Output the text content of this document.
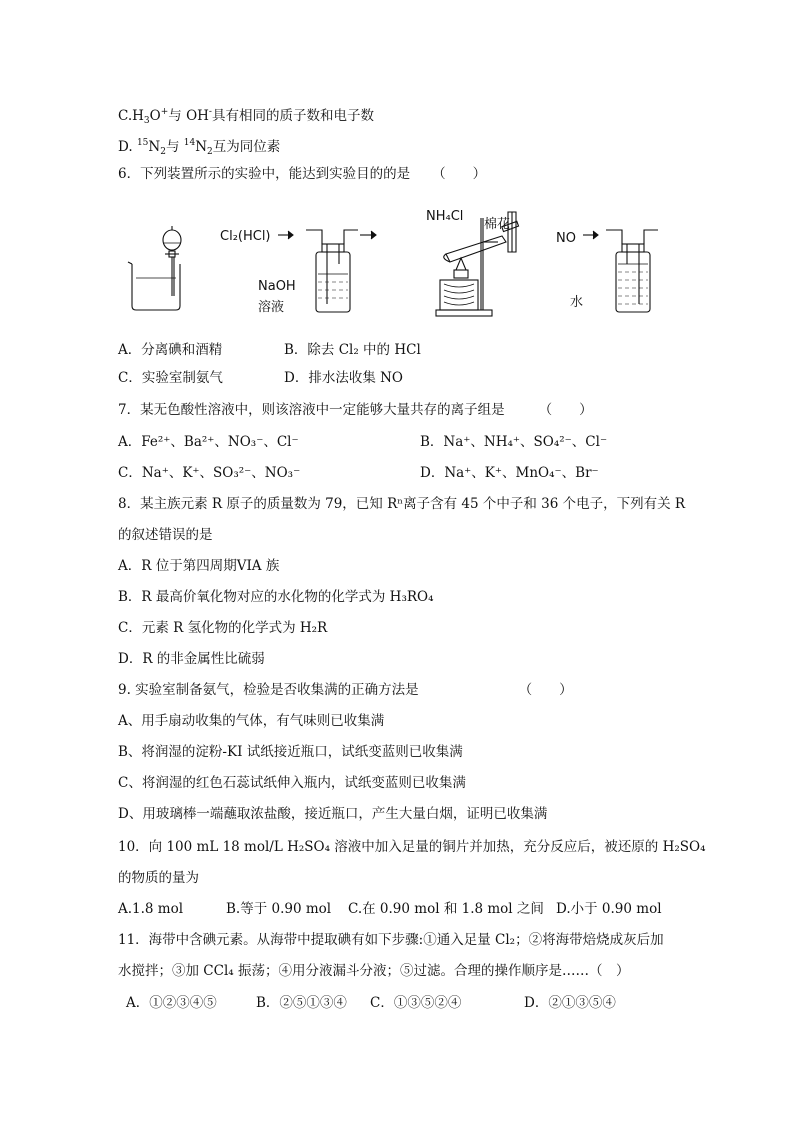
$C.H_3O^+$与 OH-具有相同的质子数和电子数
D. $^{15}N_2$与 $^{14}N_2$互为同位素
6．下列装置所示的实验中，能达到实验目的的是 （　　）
Cl₂(HCl)
NaOH
溶液
NH₄Cl
棉花
NO
水
A．分离碘和酒精	B．除去 Cl₂ 中的 HCl
C．实验室制氨气	D．排水法收集 NO
7．某无色酸性溶液中，则该溶液中一定能够大量共存的离子组是	（　　）
A．Fe²⁺、Ba²⁺、NO₃⁻、Cl⁻	B．Na⁺、NH₄⁺、SO₄²⁻、Cl⁻
C．Na⁺、K⁺、SO₃²⁻、NO₃⁻	D．Na⁺、K⁺、MnO₄⁻、Br⁻
8．某主族元素 R 原子的质量数为 79，已知 Rⁿ离子含有 45 个中子和 36 个电子，下列有关 R
的叙述错误的是
A．R 位于第四周期VIA 族
B．R 最高价氧化物对应的水化物的化学式为 H₃RO₄
C．元素 R 氢化物的化学式为 H₂R
D．R 的非金属性比硫弱
9. 实验室制备氨气，检验是否收集满的正确方法是	（　　）
A、用手扇动收集的气体，有气味则已收集满
B、将润湿的淀粉-KI 试纸接近瓶口，试纸变蓝则已收集满
C、将润湿的红色石蕊试纸伸入瓶内，试纸变蓝则已收集满
D、用玻璃棒一端蘸取浓盐酸，接近瓶口，产生大量白烟，证明已收集满
10．向 100 mL 18 mol/L H₂SO₄ 溶液中加入足量的铜片并加热，充分反应后，被还原的 H₂SO₄
的物质的量为
A.1.8 mol	B.等于 0.90 mol C.在 0.90 mol 和 1.8 mol 之间 D.小于 0.90 mol
11．海带中含碘元素。从海带中提取碘有如下步骤:①通入足量 Cl₂；②将海带焙烧成灰后加
水搅拌；③加 CCl₄ 振荡；④用分液漏斗分液；⑤过滤。合理的操作顺序是……（　）
A．①②③④⑤	B．②⑤①③④ C．①③⑤②④	D．②①③⑤④
